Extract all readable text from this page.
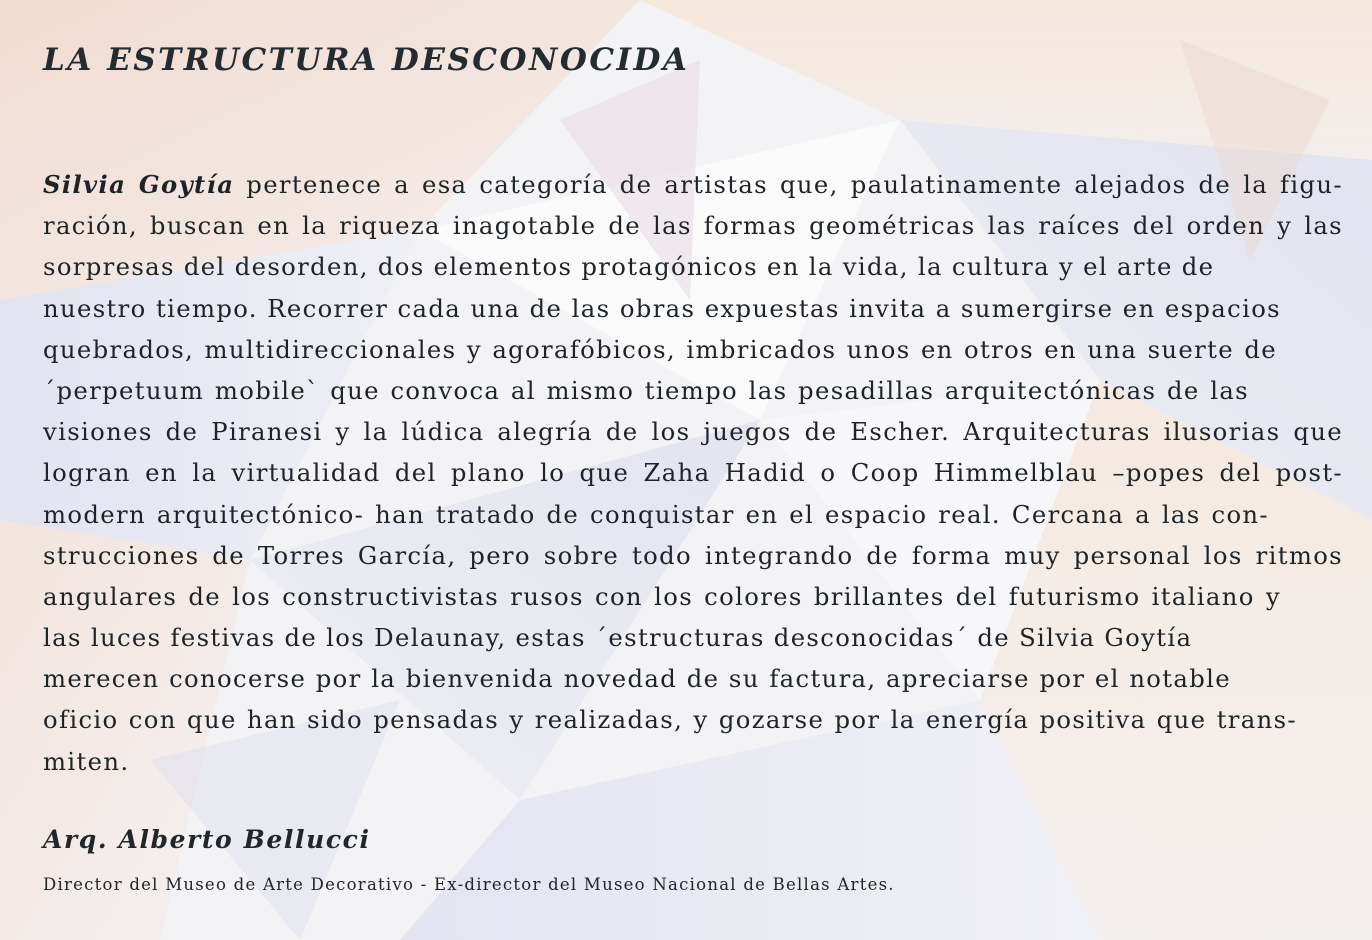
LA ESTRUCTURA DESCONOCIDA
Silvia Goytía pertenece a esa categoría de artistas que, paulatinamente alejados de la figu-
ración, buscan en la riqueza inagotable de las formas geométricas las raíces del orden y las
sorpresas del desorden, dos elementos protagónicos en la vida, la cultura y el arte de
nuestro tiempo. Recorrer cada una de las obras expuestas invita a sumergirse en espacios
quebrados, multidireccionales y agorafóbicos, imbricados unos en otros en una suerte de
´perpetuum mobile` que convoca al mismo tiempo las pesadillas arquitectónicas de las
visiones de Piranesi y la lúdica alegría de los juegos de Escher. Arquitecturas ilusorias que
logran en la virtualidad del plano lo que Zaha Hadid o Coop Himmelblau –popes del post-
modern arquitectónico- han tratado de conquistar en el espacio real. Cercana a las con-
strucciones de Torres García, pero sobre todo integrando de forma muy personal los ritmos
angulares de los constructivistas rusos con los colores brillantes del futurismo italiano y
las luces festivas de los Delaunay, estas ´estructuras desconocidas´ de Silvia Goytía
merecen conocerse por la bienvenida novedad de su factura, apreciarse por el notable
oficio con que han sido pensadas y realizadas, y gozarse por la energía positiva que trans-
miten.
Arq. Alberto Bellucci

Director del Museo de Arte Decorativo - Ex-director del Museo Nacional de Bellas Artes.
